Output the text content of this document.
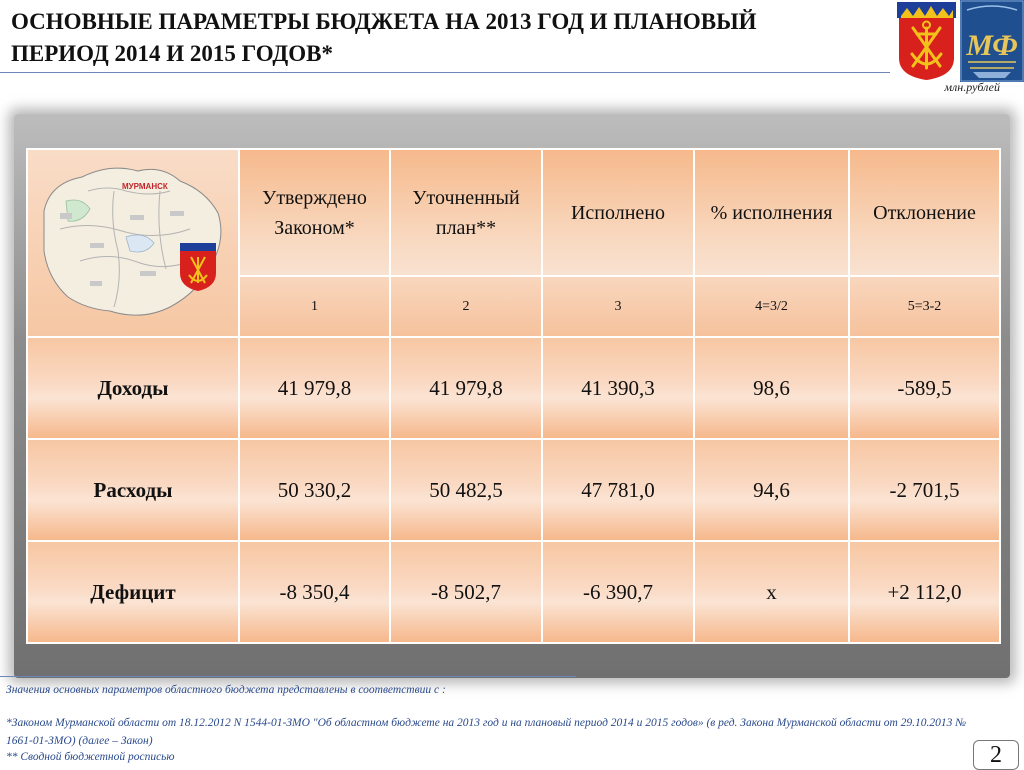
ОСНОВНЫЕ ПАРАМЕТРЫ БЮДЖЕТА НА 2013 ГОД И ПЛАНОВЫЙ
ПЕРИОД 2014 И 2015 ГОДОВ*	МФ
млн.рублей
МУРМАНСК	Утверждено Законом*	Уточненный план**	Исполнено	% исполнения	Отклонение
	1	2	3	4=3/2	5=3-2
Доходы	41 979,8	41 979,8	41 390,3	98,6	-589,5
Расходы	50 330,2	50 482,5	47 781,0	94,6	-2 701,5
Дефицит	-8 350,4	-8 502,7	-6 390,7	x	+2 112,0
Значения основных параметров областного бюджета представлены в соответствии с :
*Законом Мурманской области от 18.12.2012 N 1544-01-ЗМО "Об областном бюджете на 2013 год и на плановый период 2014 и 2015 годов» (в ред. Закона Мурманской области от 29.10.2013 № 1661-01-ЗМО) (далее – Закон)
** Сводной бюджетной росписью	2
